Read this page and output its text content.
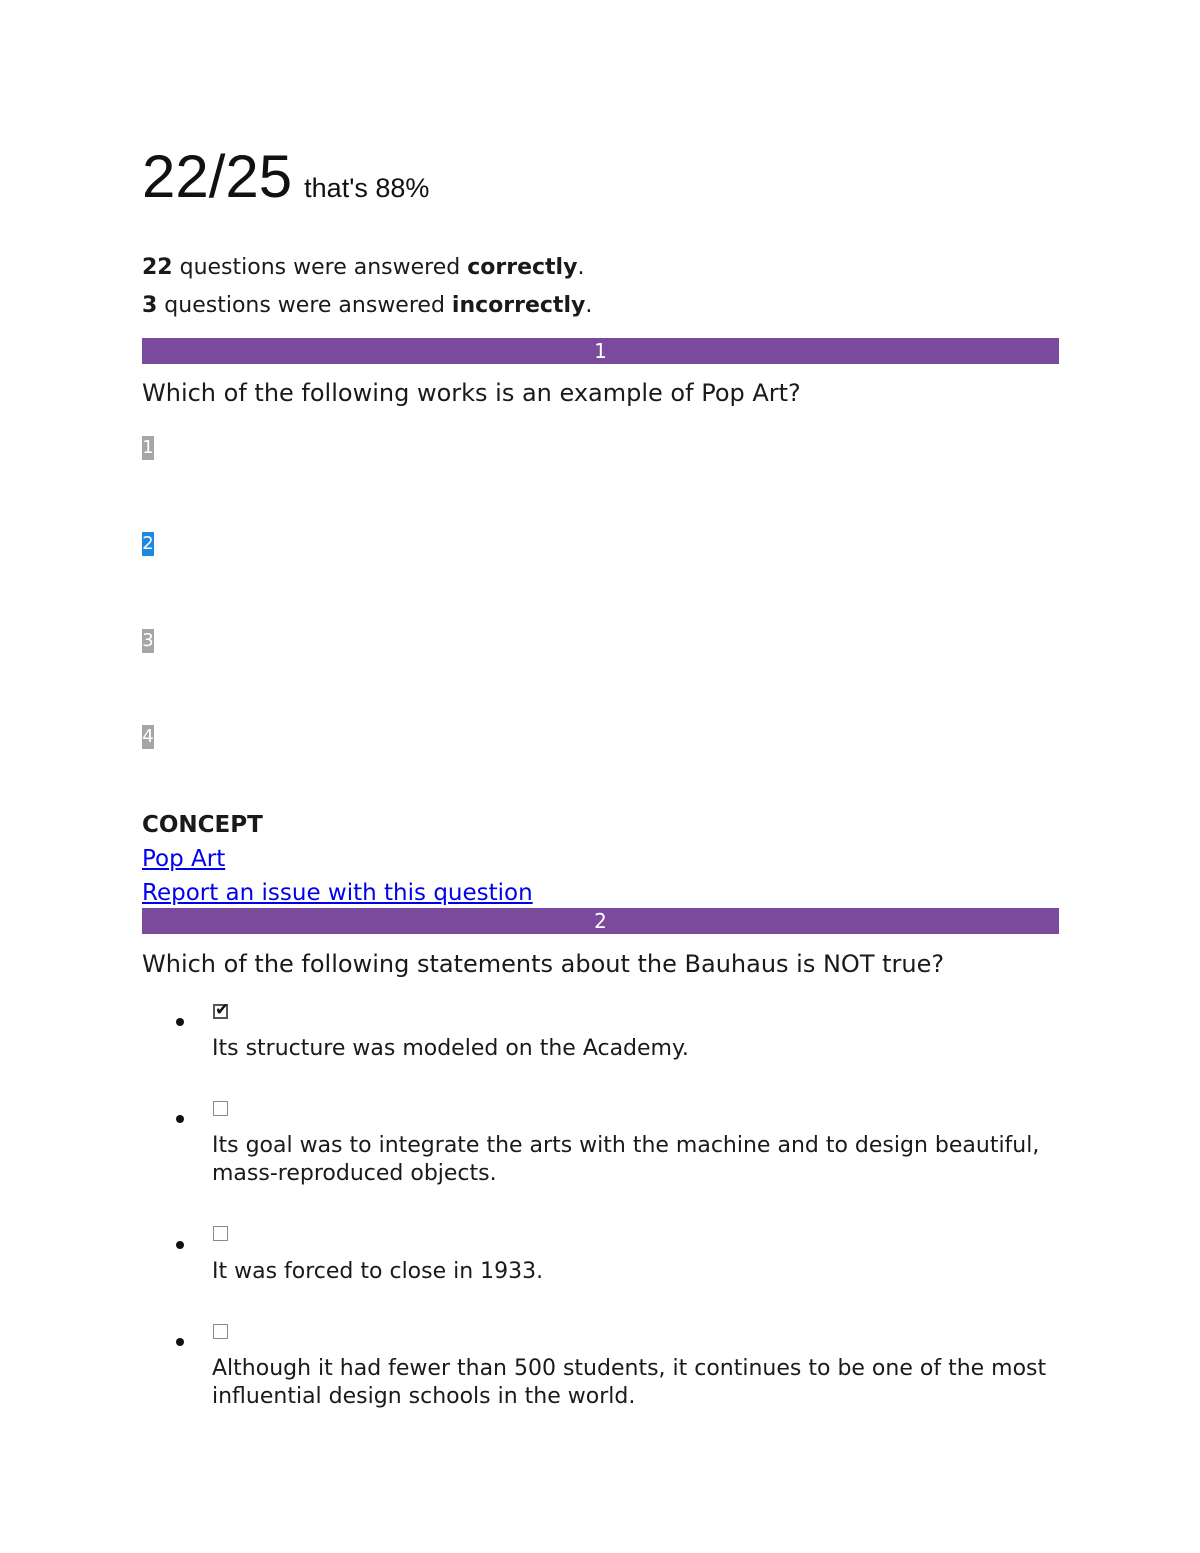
22/25 that's 88%
22 questions were answered correctly.
3 questions were answered incorrectly.
1
Which of the following works is an example of Pop Art?
1
2
3
4
CONCEPT
Pop Art
Report an issue with this question
2
Which of the following statements about the Bauhaus is NOT true?
✔
Its structure was modeled on the Academy.
Its goal was to integrate the arts with the machine and to design beautiful, mass-reproduced objects.
It was forced to close in 1933.
Although it had fewer than 500 students, it continues to be one of the most influential design schools in the world.
